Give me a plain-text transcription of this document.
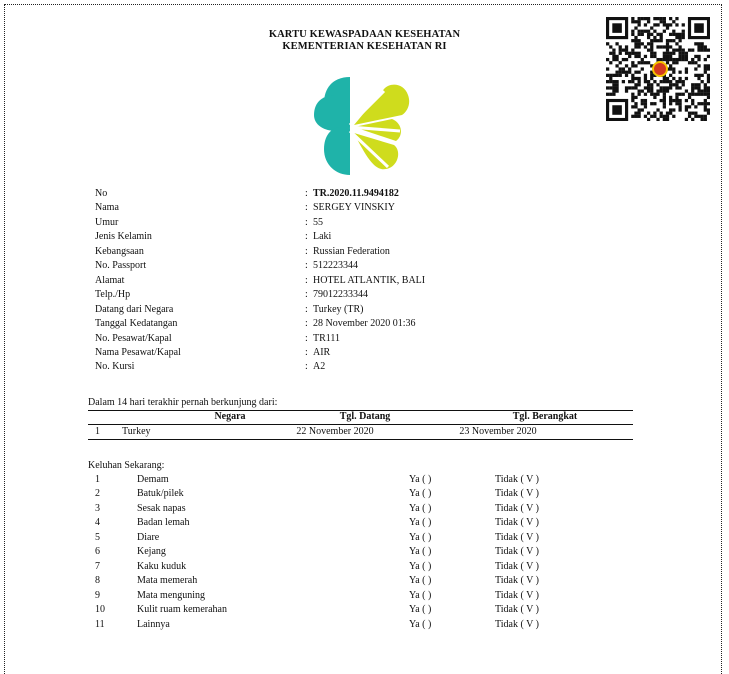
KARTU KEWASPADAAN KESEHATAN
KEMENTERIAN KESEHATAN RI
No	: TR.2020.11.9494182
Nama	: SERGEY VINSKIY
Umur	: 55
Jenis Kelamin	: Laki
Kebangsaan	: Russian Federation
No. Passport	: 512223344
Alamat	: HOTEL ATLANTIK, BALI
Telp./Hp	: 79012233344
Datang dari Negara	: Turkey (TR)
Tanggal Kedatangan	: 28 November 2020 01:36
No. Pesawat/Kapal	: TR111
Nama Pesawat/Kapal	: AIR
No. Kursi	: A2
Dalam 14 hari terakhir pernah berkunjung dari:
Negara	Tgl. Datang	Tgl. Berangkat
1 Turkey	22 November 2020	23 November 2020
Keluhan Sekarang:
1	Demam	Ya ( )	Tidak ( V )
2	Batuk/pilek	Ya ( )	Tidak ( V )
3	Sesak napas	Ya ( )	Tidak ( V )
4	Badan lemah	Ya ( )	Tidak ( V )
5	Diare	Ya ( )	Tidak ( V )
6	Kejang	Ya ( )	Tidak ( V )
7	Kaku kuduk	Ya ( )	Tidak ( V )
8	Mata memerah	Ya ( )	Tidak ( V )
9	Mata menguning	Ya ( )	Tidak ( V )
10	Kulit ruam kemerahan	Ya ( )	Tidak ( V )
11	Lainnya	Ya ( )	Tidak ( V )
